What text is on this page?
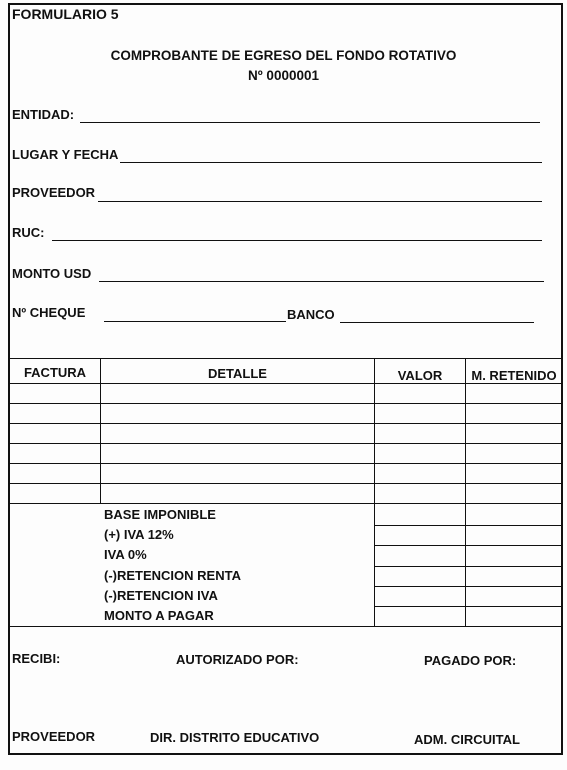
FORMULARIO 5
COMPROBANTE DE EGRESO DEL FONDO ROTATIVO
Nº 0000001
ENTIDAD:
LUGAR Y FECHA
PROVEEDOR
RUC:
MONTO USD
Nº CHEQUE	BANCO
FACTURA	DETALLE	VALOR	M. RETENIDO
BASE IMPONIBLE
(+) IVA 12%
IVA 0%
(-)RETENCION RENTA
(-)RETENCION IVA
MONTO A PAGAR
RECIBI:	AUTORIZADO POR:	PAGADO POR:
PROVEEDOR	DIR. DISTRITO EDUCATIVO	ADM. CIRCUITAL
